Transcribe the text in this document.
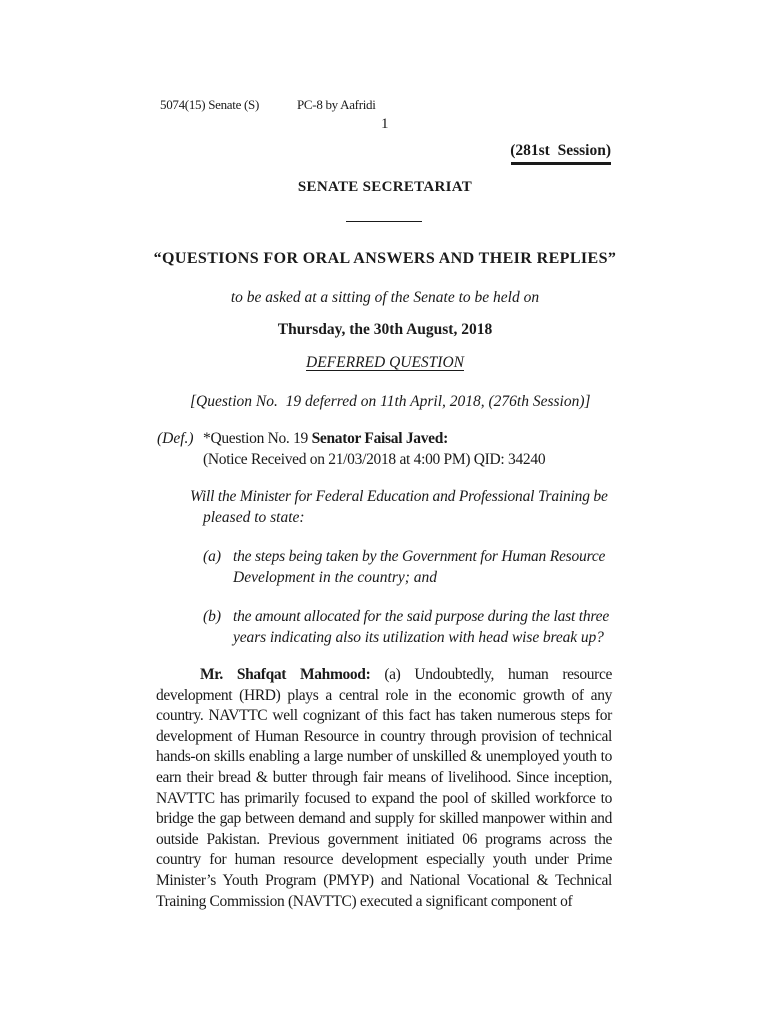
5074(15) Senate (S)	PC-8 by Aafridi
1
(281st  Session)
SENATE SECRETARIAT
“QUESTIONS FOR ORAL ANSWERS AND THEIR REPLIES”
to be asked at a sitting of the Senate to be held on
Thursday, the 30th August, 2018
DEFERRED QUESTION
[Question No.  19 deferred on 11th April, 2018, (276th Session)]
(Def.) *Question No. 19 Senator Faisal Javed:
(Notice Received on 21/03/2018 at 4:00 PM) QID: 34240
Will the Minister for Federal Education and Professional Training be
pleased to state:
(a) the steps being taken by the Government for Human Resource
Development in the country; and
(b) the amount allocated for the said purpose during the last three
years indicating also its utilization with head wise break up?
Mr. Shafqat Mahmood: (a) Undoubtedly, human resource development (HRD) plays a central role in the economic growth of any country. NAVTTC well cognizant of this fact has taken numerous steps for development of Human Resource in country through provision of technical hands-on skills enabling a large number of unskilled & unemployed youth to earn their bread & butter through fair means of livelihood. Since inception, NAVTTC has primarily focused to expand the pool of skilled workforce to bridge the gap between demand and supply for skilled manpower within and outside Pakistan. Previous government initiated 06 programs across the country for human resource development especially youth under Prime Minister’s Youth Program (PMYP) and National Vocational & Technical Training Commission (NAVTTC) executed a significant component of
